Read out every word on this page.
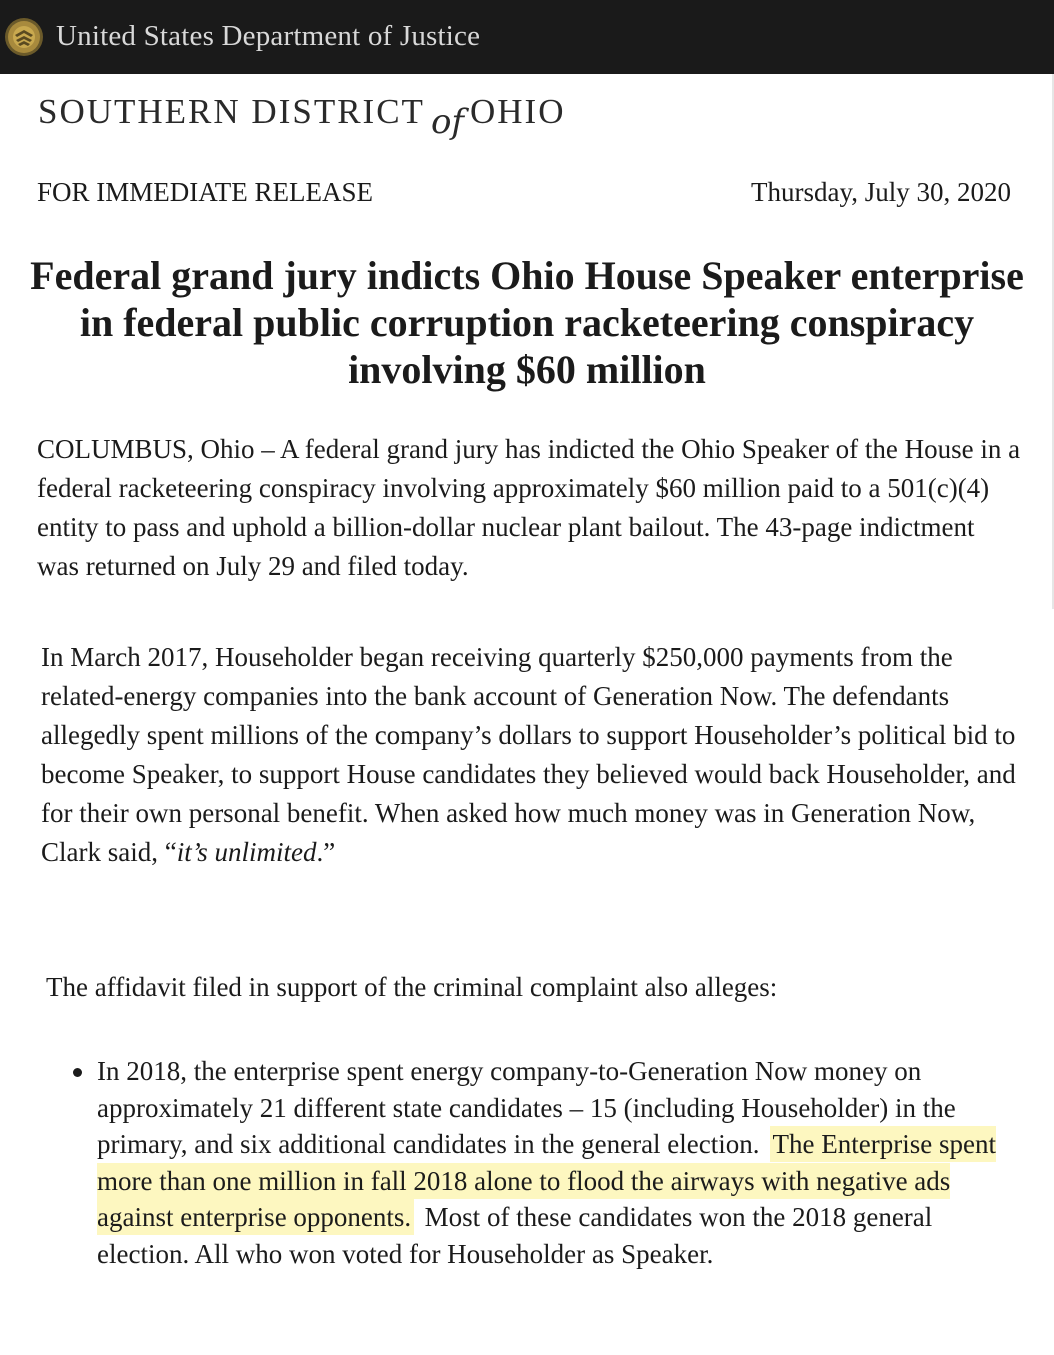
United States Department of Justice
SOUTHERN DISTRICT of OHIO
FOR IMMEDIATE RELEASE	Thursday, July 30, 2020
Federal grand jury indicts Ohio House Speaker enterprise in federal public corruption racketeering conspiracy involving $60 million

COLUMBUS, Ohio – A federal grand jury has indicted the Ohio Speaker of the House in a federal racketeering conspiracy involving approximately $60 million paid to a 501(c)(4) entity to pass and uphold a billion-dollar nuclear plant bailout. The 43-page indictment was returned on July 29 and filed today.

In March 2017, Householder began receiving quarterly $250,000 payments from the related-energy companies into the bank account of Generation Now. The defendants allegedly spent millions of the company’s dollars to support Householder’s political bid to become Speaker, to support House candidates they believed would back Householder, and for their own personal benefit. When asked how much money was in Generation Now, Clark said, “it’s unlimited.”

The affidavit filed in support of the criminal complaint also alleges:

In 2018, the enterprise spent energy company-to-Generation Now money on approximately 21 different state candidates – 15 (including Householder) in the primary, and six additional candidates in the general election. The Enterprise spent more than one million in fall 2018 alone to flood the airways with negative ads against enterprise opponents. Most of these candidates won the 2018 general election. All who won voted for Householder as Speaker.
